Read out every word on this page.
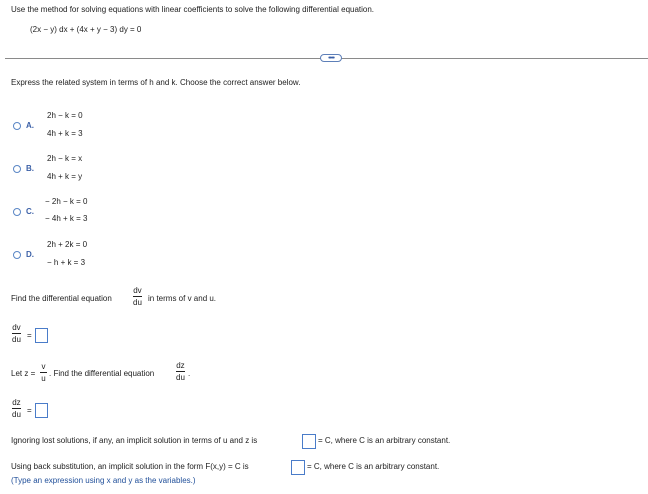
Use the method for solving equations with linear coefficients to solve the following differential equation.
(2x − y) dx + (4x + y − 3) dy = 0
••••
Express the related system in terms of h and k. Choose the correct answer below.
A.
2h − k = 0
4h + k = 3
B.
2h − k = x
4h + k = y
C.
− 2h − k = 0
− 4h + k = 3
D.
2h + 2k = 0
− h + k = 3
Find the differential equation
dv
du in terms of v and u.
dv
du =
Let z =
v
u
. Find the differential equation
dz
du .
dz
du =
Ignoring lost solutions, if any, an implicit solution in terms of u and z is	= C, where C is an arbitrary constant.
Using back substitution, an implicit solution in the form F(x,y) = C is	= C, where C is an arbitrary constant.
(Type an expression using x and y as the variables.)
